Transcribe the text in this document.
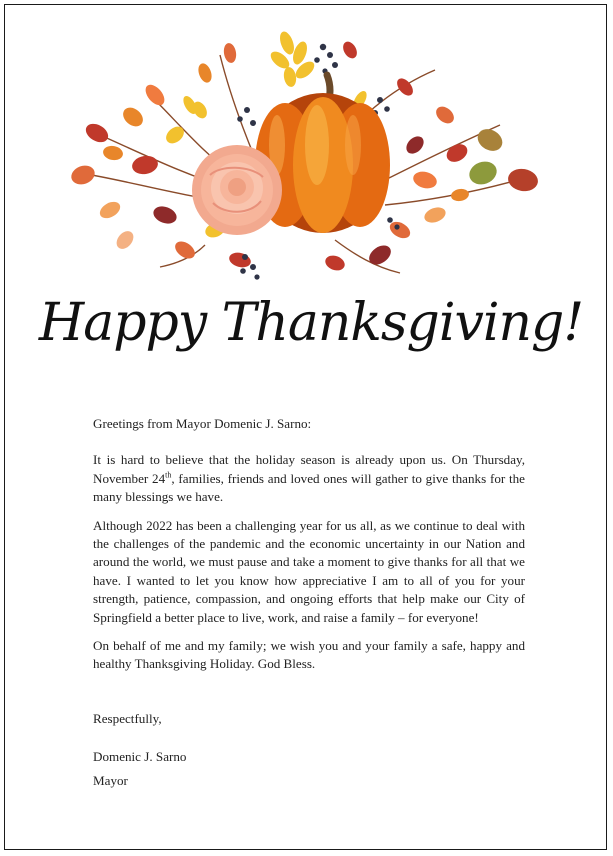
Happy Thanksgiving!

Greetings from Mayor Domenic J. Sarno:

It is hard to believe that the holiday season is already upon us. On Thursday, November 24th, families, friends and loved ones will gather to give thanks for the many blessings we have.

Although 2022 has been a challenging year for us all, as we continue to deal with the challenges of the pandemic and the economic uncertainty in our Nation and around the world, we must pause and take a moment to give thanks for all that we have. I wanted to let you know how appreciative I am to all of you for your strength, patience, compassion, and ongoing efforts that help make our City of Springfield a better place to live, work, and raise a family – for everyone!

On behalf of me and my family; we wish you and your family a safe, happy and healthy Thanksgiving Holiday. God Bless.

Respectfully,

Domenic J. Sarno

Mayor
